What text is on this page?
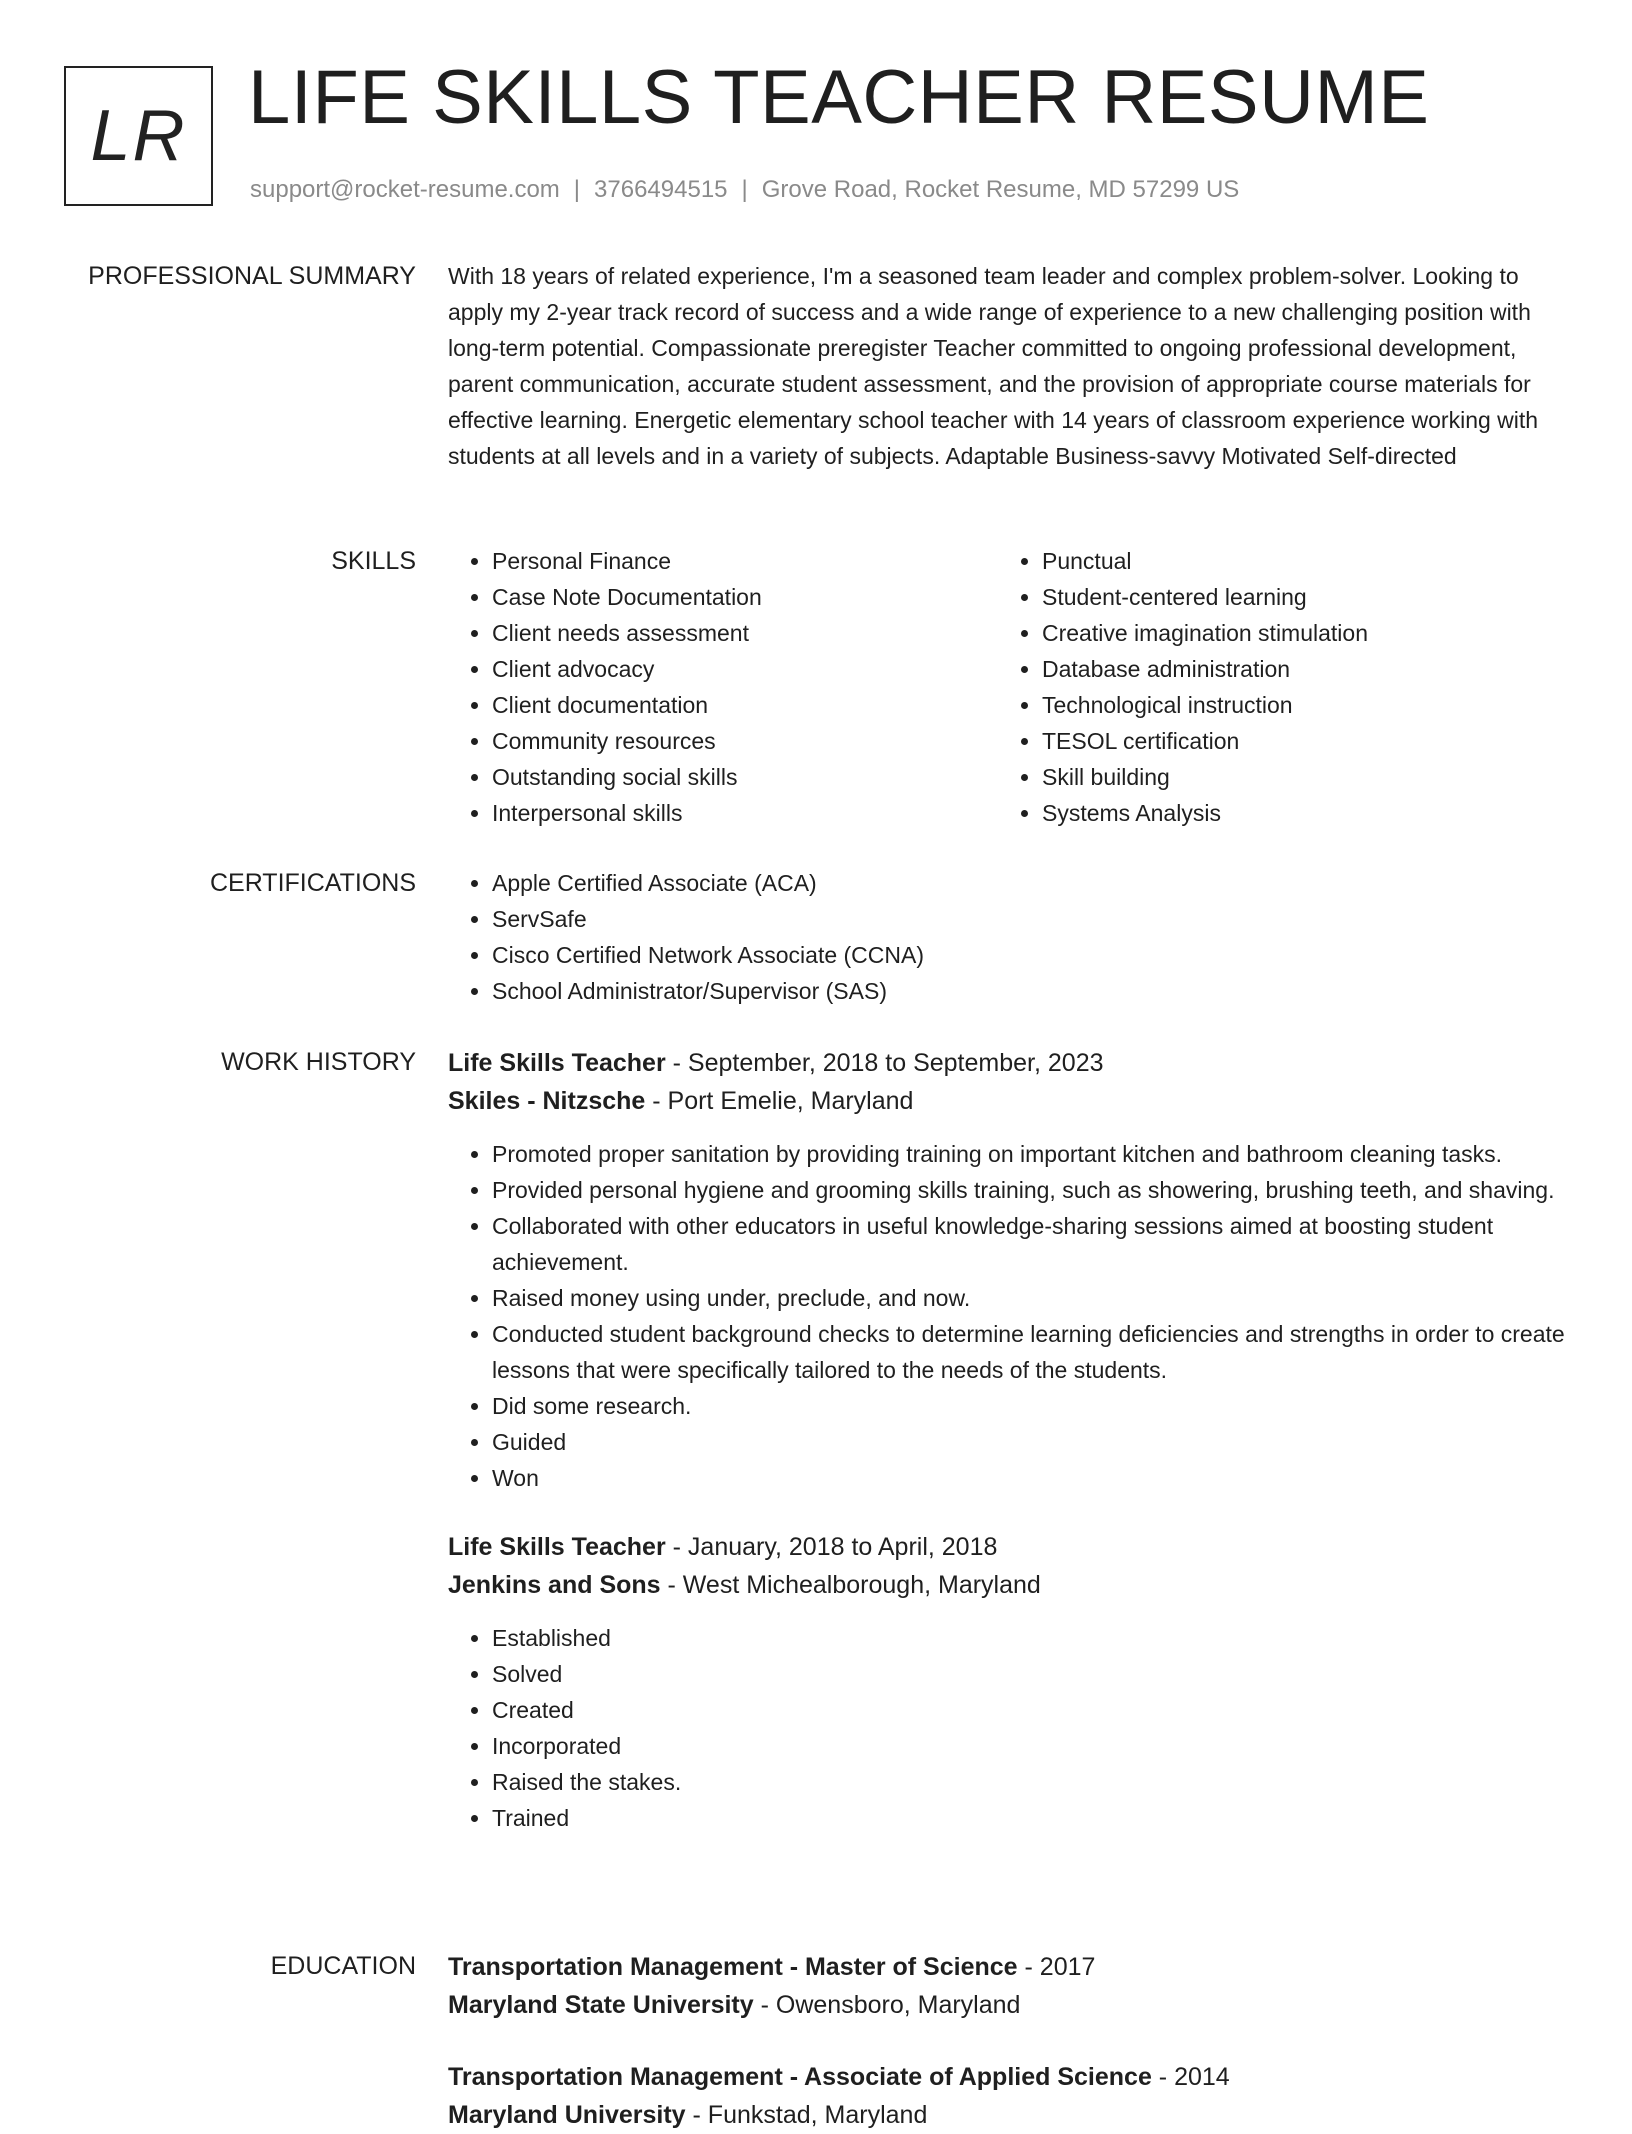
LR LIFE SKILLS TEACHER RESUME
support@rocket-resume.com | 3766494515 | Grove Road, Rocket Resume, MD 57299 US
PROFESSIONAL SUMMARY With 18 years of related experience, I'm a seasoned team leader and complex problem-solver. Looking to apply my 2-year track record of success and a wide range of experience to a new challenging position with long-term potential. Compassionate preregister Teacher committed to ongoing professional development, parent communication, accurate student assessment, and the provision of appropriate course materials for effective learning. Energetic elementary school teacher with 14 years of classroom experience working with students at all levels and in a variety of subjects. Adaptable Business-savvy Motivated Self-directed

SKILLS	• Personal Finance
• Case Note Documentation
• Client needs assessment
• Client advocacy
• Client documentation
• Community resources
• Outstanding social skills
• Interpersonal skills
• Punctual
• Student-centered learning
• Creative imagination stimulation
• Database administration
• Technological instruction
• TESOL certification
• Skill building
• Systems Analysis
CERTIFICATIONS	• Apple Certified Associate (ACA)
• ServSafe
• Cisco Certified Network Associate (CCNA)
• School Administrator/Supervisor (SAS)
WORK HISTORY Life Skills Teacher - September, 2018 to September, 2023
Skiles - Nitzsche - Port Emelie, Maryland
• Promoted proper sanitation by providing training on important kitchen and bathroom cleaning tasks.
• Provided personal hygiene and grooming skills training, such as showering, brushing teeth, and shaving.
• Collaborated with other educators in useful knowledge-sharing sessions aimed at boosting student achievement.
• Raised money using under, preclude, and now.
• Conducted student background checks to determine learning deficiencies and strengths in order to create lessons that were specifically tailored to the needs of the students.
• Did some research.
• Guided
• Won
Life Skills Teacher - January, 2018 to April, 2018
Jenkins and Sons - West Michealborough, Maryland
• Established
• Solved
• Created
• Incorporated
• Raised the stakes.
• Trained
EDUCATION Transportation Management - Master of Science - 2017
Maryland State University - Owensboro, Maryland
Transportation Management - Associate of Applied Science - 2014
Maryland University - Funkstad, Maryland
